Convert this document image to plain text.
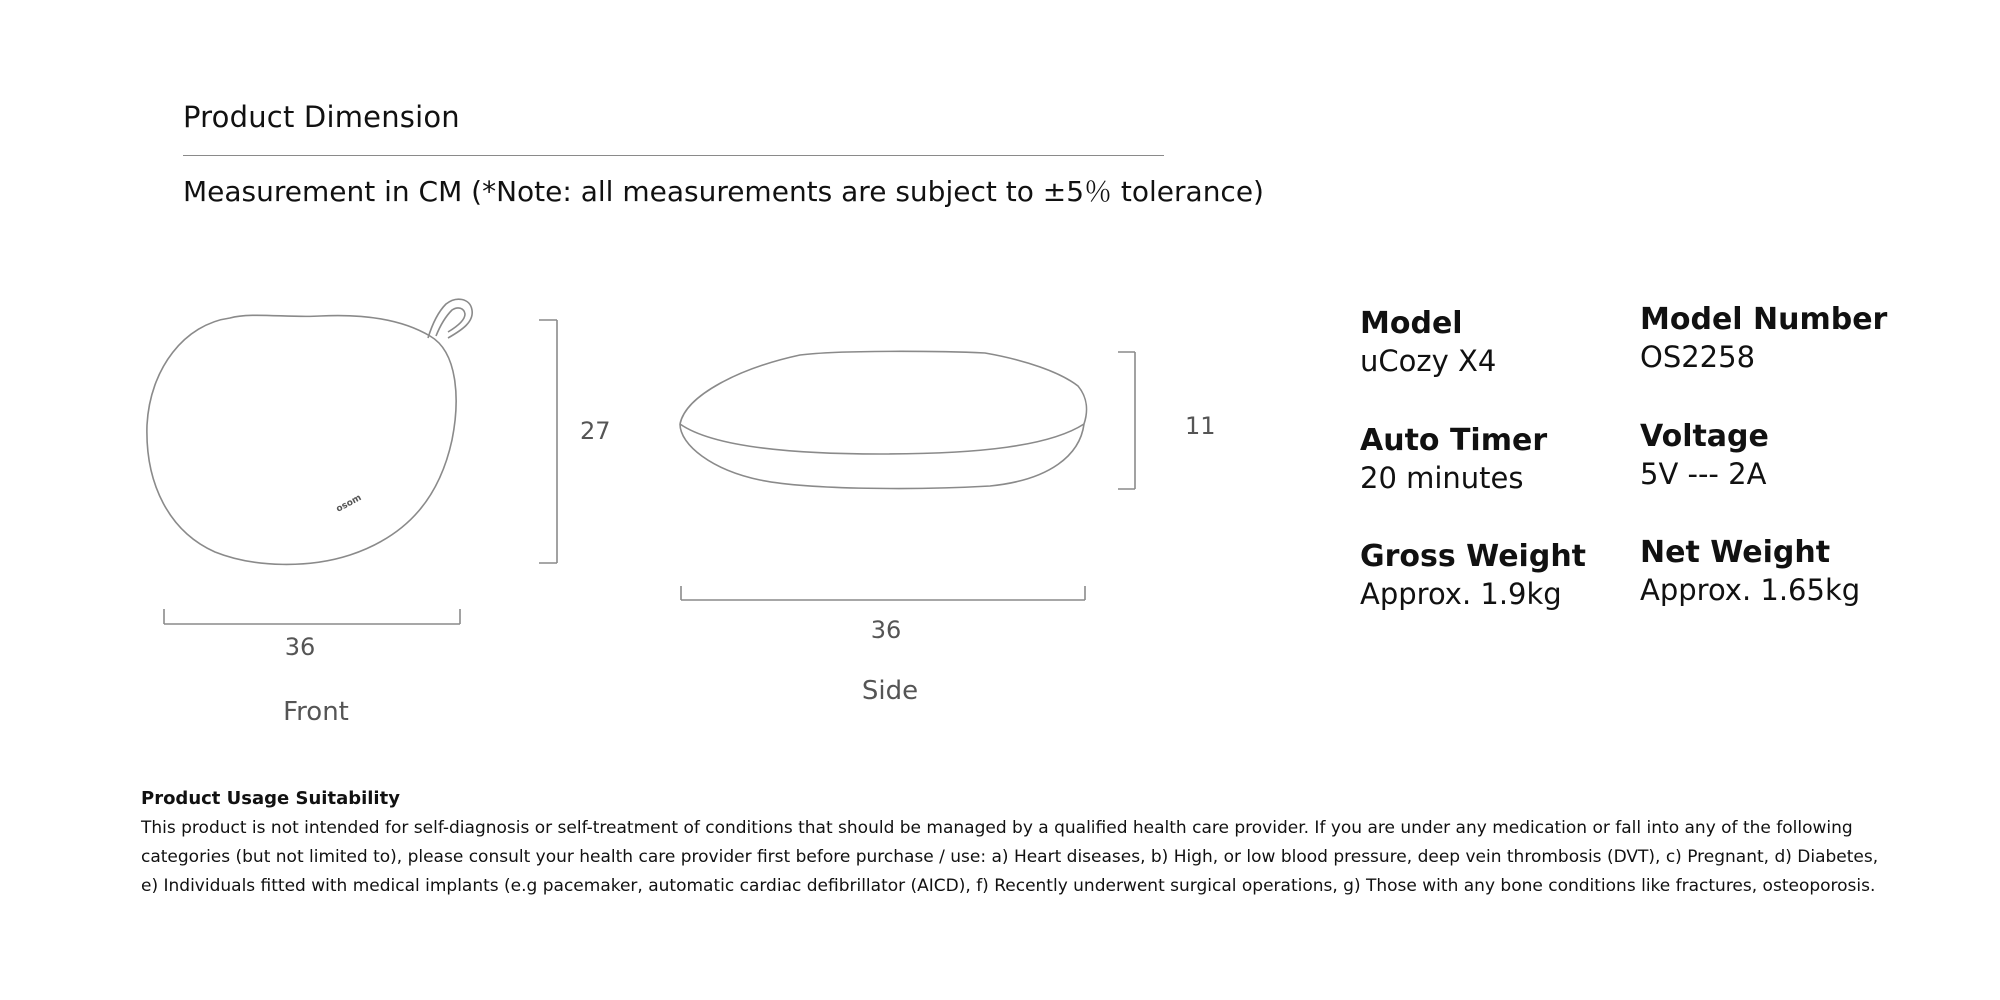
Product Dimension
Measurement in CM (*Note: all measurements are subject to ±5％ tolerance)
osom
27
36
Front
11
36
Side
Model
uCozy X4
Model Number
OS2258
Auto Timer
20 minutes
Voltage
5V --- 2A
Gross Weight
Approx. 1.9kg
Net Weight
Approx. 1.65kg
Product Usage Suitability
This product is not intended for self-diagnosis or self-treatment of conditions that should be managed by a qualified health care provider. If you are under any medication or fall into any of the following categories (but not limited to), please consult your health care provider first before purchase / use: a) Heart diseases, b) High, or low blood pressure, deep vein thrombosis (DVT), c) Pregnant, d) Diabetes, e) Individuals fitted with medical implants (e.g pacemaker, automatic cardiac defibrillator (AICD), f) Recently underwent surgical operations, g) Those with any bone conditions like fractures, osteoporosis.
